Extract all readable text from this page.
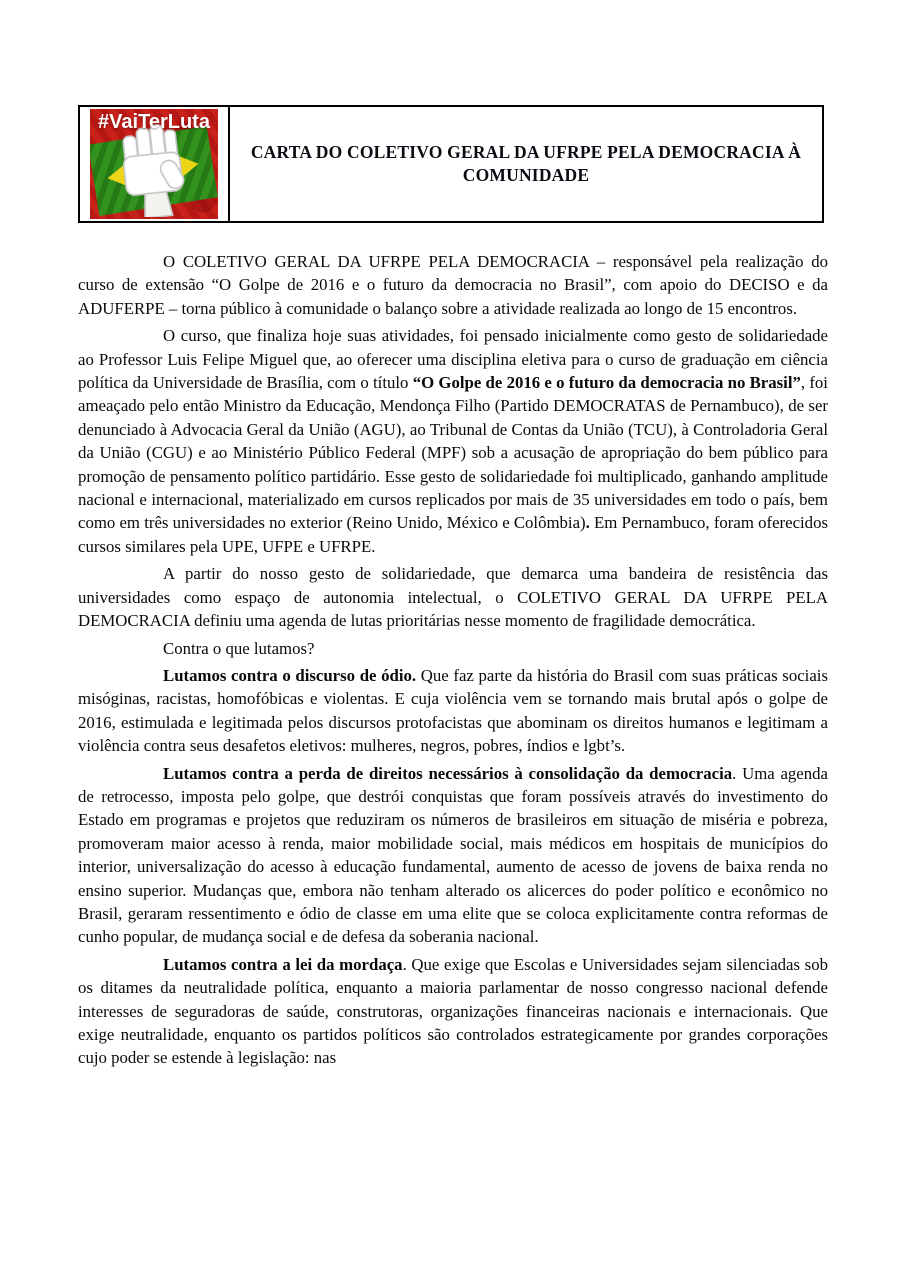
#VaiTerLuta
CARTA DO COLETIVO GERAL DA UFRPE PELA DEMOCRACIA À
COMUNIDADE

O COLETIVO GERAL DA UFRPE PELA DEMOCRACIA – responsável pela realização do curso de extensão “O Golpe de 2016 e o futuro da democracia no Brasil”, com apoio do DECISO e da ADUFERPE – torna público à comunidade o balanço sobre a atividade realizada ao longo de 15 encontros.

O curso, que finaliza hoje suas atividades, foi pensado inicialmente como gesto de solidariedade ao Professor Luis Felipe Miguel que, ao oferecer uma disciplina eletiva para o curso de graduação em ciência política da Universidade de Brasília, com o título “O Golpe de 2016 e o futuro da democracia no Brasil”, foi ameaçado pelo então Ministro da Educação, Mendonça Filho (Partido DEMOCRATAS de Pernambuco), de ser denunciado à Advocacia Geral da União (AGU), ao Tribunal de Contas da União (TCU), à Controladoria Geral da União (CGU) e ao Ministério Público Federal (MPF) sob a acusação de apropriação do bem público para promoção de pensamento político partidário. Esse gesto de solidariedade foi multiplicado, ganhando amplitude nacional e internacional, materializado em cursos replicados por mais de 35 universidades em todo o país, bem como em três universidades no exterior (Reino Unido, México e Colômbia). Em Pernambuco, foram oferecidos cursos similares pela UPE, UFPE e UFRPE.

A partir do nosso gesto de solidariedade, que demarca uma bandeira de resistência das universidades como espaço de autonomia intelectual, o COLETIVO GERAL DA UFRPE PELA DEMOCRACIA definiu uma agenda de lutas prioritárias nesse momento de fragilidade democrática.

Contra o que lutamos?

Lutamos contra o discurso de ódio. Que faz parte da história do Brasil com suas práticas sociais misóginas, racistas, homofóbicas e violentas. E cuja violência vem se tornando mais brutal após o golpe de 2016, estimulada e legitimada pelos discursos protofacistas que abominam os direitos humanos e legitimam a violência contra seus desafetos eletivos: mulheres, negros, pobres, índios e lgbt’s.

Lutamos contra a perda de direitos necessários à consolidação da democracia. Uma agenda de retrocesso, imposta pelo golpe, que destrói conquistas que foram possíveis através do investimento do Estado em programas e projetos que reduziram os números de brasileiros em situação de miséria e pobreza, promoveram maior acesso à renda, maior mobilidade social, mais médicos em hospitais de municípios do interior, universalização do acesso à educação fundamental, aumento de acesso de jovens de baixa renda no ensino superior. Mudanças que, embora não tenham alterado os alicerces do poder político e econômico no Brasil, geraram ressentimento e ódio de classe em uma elite que se coloca explicitamente contra reformas de cunho popular, de mudança social e de defesa da soberania nacional.

Lutamos contra a lei da mordaça. Que exige que Escolas e Universidades sejam silenciadas sob os ditames da neutralidade política, enquanto a maioria parlamentar de nosso congresso nacional defende interesses de seguradoras de saúde, construtoras, organizações financeiras nacionais e internacionais. Que exige neutralidade, enquanto os partidos políticos são controlados estrategicamente por grandes corporações cujo poder se estende à legislação: nas
